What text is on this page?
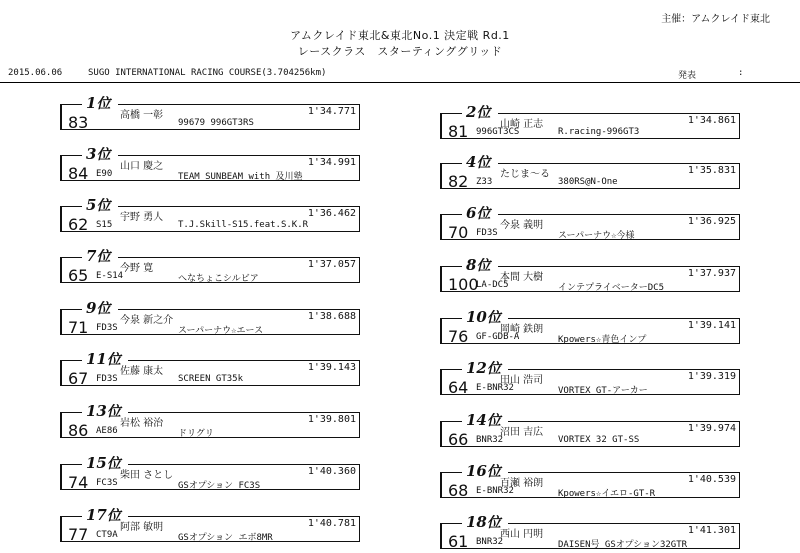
主催：アムクレイド東北
アムクレイド東北&東北No.1 決定戦 Rd.1
レースクラス　スターティンググリッド
2015.06.06	SUGO INTERNATIONAL RACING COURSE(3.704256km)	発表	:
1位
83	高橋 一彰	1'34.771
99679 996GT3RS
2位
81	山崎 正志	1'34.861
996GT3CS	R.racing-996GT3
3位
84	山口 慶之	1'34.991
E90	TEAM SUNBEAM with 及川塾
4位
82	たじま～る	1'35.831
Z33	380RS@N-One
5位
62	宇野 勇人	1'36.462
S15	T.J.Skill-S15.feat.S.K.R
6位
70	今泉 義明	1'36.925
FD3S	スーパーナウ☆今様
7位
65	今野 寛	1'37.057
E-S14	へなちょこシルビア
8位
100 本間 大樹	1'37.937
LA-DC5	インテプライベーターDC5
9位
71	今泉 新之介	1'38.688
FD3S	スーパーナウ☆エース
10位
76	岡崎 鉄朗	1'39.141
GF-GDB-A	Kpowers☆青色インプ
11位
67	佐藤 康太	1'39.143
FD3S	SCREEN GT35k
12位
64	田山 浩司	1'39.319
E-BNR32	VORTEX GT-アーカー
13位
86	岩松 裕治	1'39.801
AE86	ドリグリ
14位
66	沼田 吉広	1'39.974
BNR32	VORTEX 32 GT-SS
15位
74	柴田 さとし	1'40.360
FC3S	GSオプション FC3S
16位
68	百瀬 裕朗	1'40.539
E-BNR32	Kpowers☆イエロ-GT-R
17位
77	阿部 敏明	1'40.781
CT9A	GSオプション エボ8MR
18位
61	西山 円明	1'41.301
BNR32	DAISEN号 GSオプション32GTR
